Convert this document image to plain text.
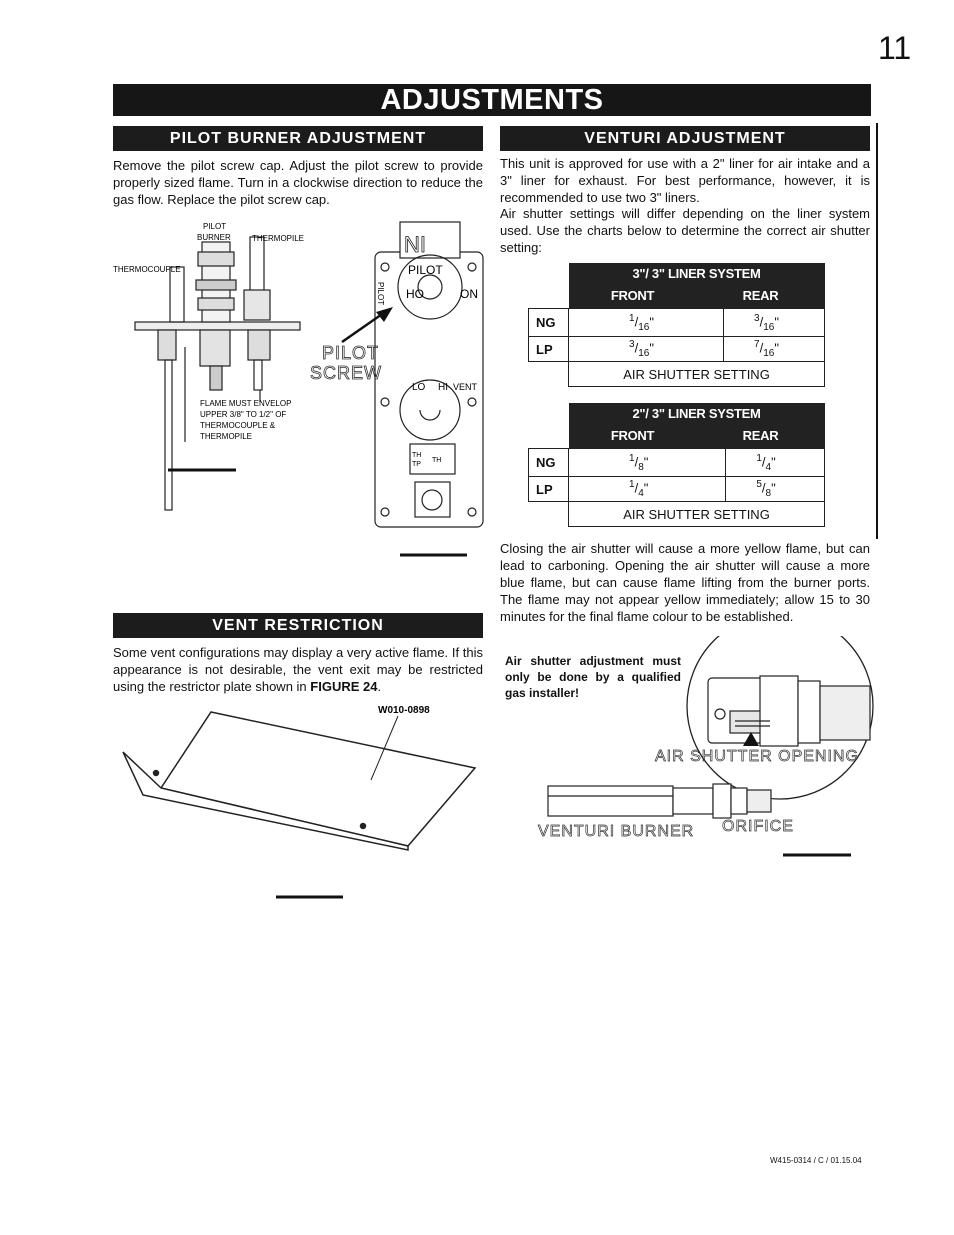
11
ADJUSTMENTS
PILOT BURNER ADJUSTMENT
Remove the pilot screw cap. Adjust the pilot screw to provide properly sized flame. Turn in a clockwise direction to reduce the gas flow. Replace the pilot screw cap.
PILOT
BURNER	THERMOPILE
THERMOCOUPLE
FLAME MUST ENVELOP
UPPER 3/8" TO 1/2" OF
THERMOCOUPLE &
THERMOPILE
NI
PILOT
PILOT HO	ON
LO HI VENT
TH
TP
TH
PILOT
SCREW
VENT RESTRICTION
Some vent configurations may display a very active flame. If this appearance is not desirable, the vent exit may be restricted using the restrictor plate shown in FIGURE 24.
W010-0898
VENTURI ADJUSTMENT
This unit is approved for use with a 2" liner for air intake and a 3" liner for exhaust. For best performance, however, it is recommended to use two 3" liners.
Air shutter settings will differ depending on the liner system used. Use the charts below to determine the correct air shutter setting:

	3"/ 3" LINER SYSTEM
FRONT REAR	

NG	$^1/_{16}$"	$^3/_{16}$"
LP	$^3/_{16}$"	$^7/_{16}$"
	AIR SHUTTER SETTING	

	2"/ 3" LINER SYSTEM
FRONT REAR	

NG	$^1/_8$"	$^1/_4$"
LP	$^1/_4$"	$^5/_8$"
	AIR SHUTTER SETTING	
Closing the air shutter will cause a more yellow flame, but can lead to carboning. Opening the air shutter will cause a more blue flame, but can cause flame lifting from the burner ports. The flame may not appear yellow immediately; allow 15 to 30 minutes for the final flame colour to be established.
Air shutter adjustment must only be done by a qualified gas installer!
AIR SHUTTER OPENING
VENTURI BURNER ORIFICE
W415-0314 / C / 01.15.04
